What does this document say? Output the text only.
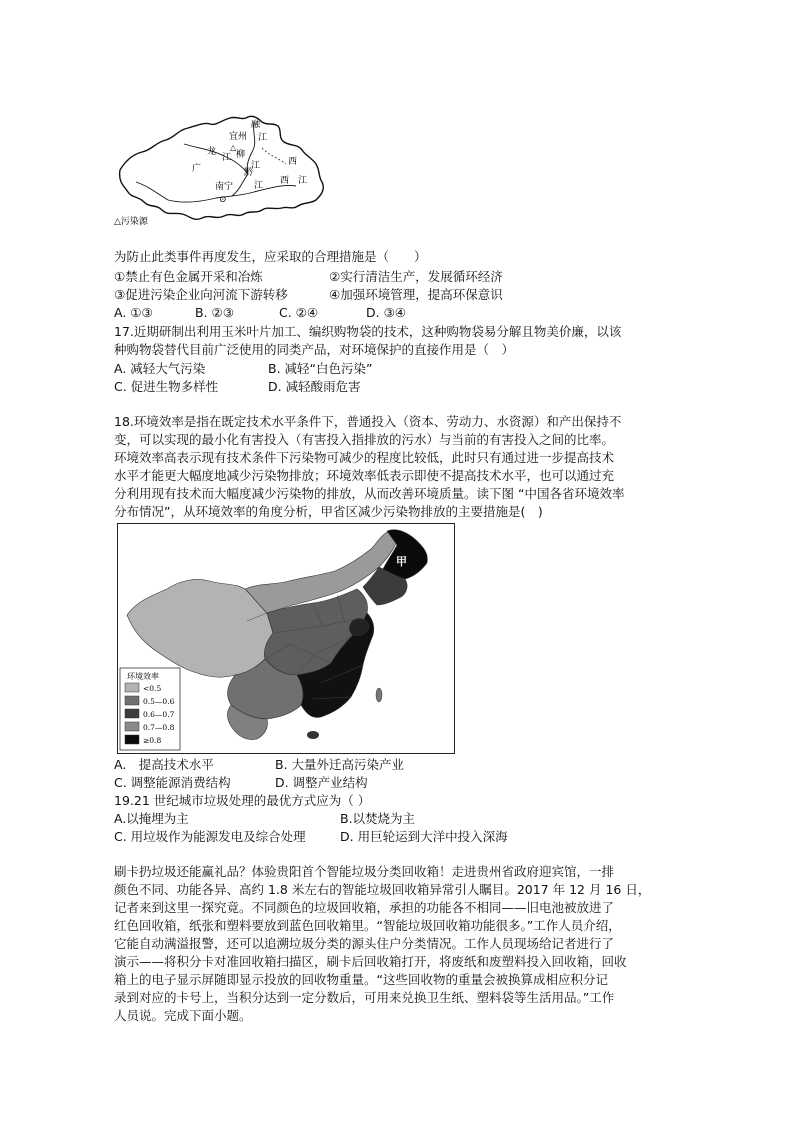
融
江
宜州
△
龙
江 柳
江	西
广	黔
江 西　江
南宁
⊙
△污染源
为防止此类事件再度发生，应采取的合理措施是（　　）
①禁止有色金属开采和冶炼	②实行清洁生产，发展循环经济
③促进污染企业向河流下游转移	④加强环境管理，提高环保意识
A. ①③	B. ②③	C. ②④	D. ③④
17.近期研制出利用玉米叶片加工、编织购物袋的技术，这种购物袋易分解且物美价廉，以该
种购物袋替代目前广泛使用的同类产品，对环境保护的直接作用是（　）
A. 减轻大气污染	B. 减轻“白色污染”
C. 促进生物多样性	D. 减轻酸雨危害
18.环境效率是指在既定技术水平条件下，普通投入（资本、劳动力、水资源）和产出保持不
变，可以实现的最小化有害投入（有害投入指排放的污水）与当前的有害投入之间的比率。
环境效率高表示现有技术条件下污染物可减少的程度比较低，此时只有通过进一步提高技术
水平才能更大幅度地减少污染物排放；环境效率低表示即使不提高技术水平，也可以通过充
分利用现有技术而大幅度减少污染物的排放，从而改善环境质量。读下图 “中国各省环境效率
分布情况”，从环境效率的角度分析，甲省区减少污染物排放的主要措施是(　)
甲
环境效率
<0.5
0.5—0.6
0.6—0.7
0.7—0.8
≥0.8
A.　提高技术水平	B. 大量外迁高污染产业
C. 调整能源消费结构	D. 调整产业结构
19.21 世纪城市垃圾处理的最优方式应为（ ）
A.以掩埋为主	B.以焚烧为主
C. 用垃圾作为能源发电及综合处理	D. 用巨轮运到大洋中投入深海
刷卡扔垃圾还能赢礼品？体验贵阳首个智能垃圾分类回收箱！走进贵州省政府迎宾馆，一排
颜色不同、功能各异、高约 1.8 米左右的智能垃圾回收箱异常引人瞩目。2017 年 12 月 16 日，
记者来到这里一探究竟。不同颜色的垃圾回收箱，承担的功能各不相同——旧电池被放进了
红色回收箱，纸张和塑料要放到蓝色回收箱里。“智能垃圾回收箱功能很多。”工作人员介绍，
它能自动满溢报警，还可以追溯垃圾分类的源头住户分类情况。工作人员现场给记者进行了
演示——将积分卡对准回收箱扫描区，刷卡后回收箱打开，将废纸和废塑料投入回收箱，回收
箱上的电子显示屏随即显示投放的回收物重量。“这些回收物的重量会被换算成相应积分记
录到对应的卡号上，当积分达到一定分数后，可用来兑换卫生纸、塑料袋等生活用品。”工作
人员说。完成下面小题。
